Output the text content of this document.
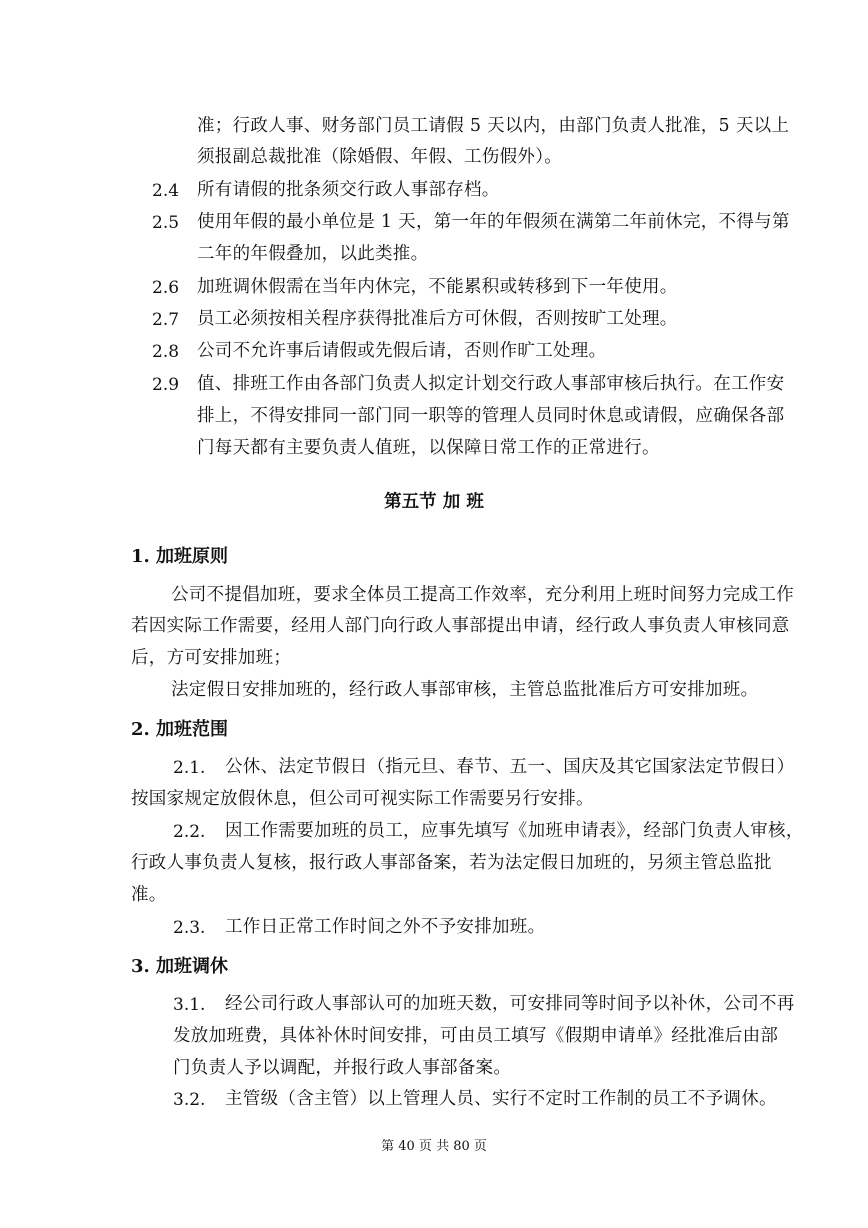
准；行政人事、财务部门员工请假 5 天以内，由部门负责人批准，5 天以上
须报副总裁批准（除婚假、年假、工伤假外）。
2.4 所有请假的批条须交行政人事部存档。
2.5 使用年假的最小单位是 1 天，第一年的年假须在满第二年前休完，不得与第
二年的年假叠加，以此类推。
2.6 加班调休假需在当年内休完，不能累积或转移到下一年使用。
2.7 员工必须按相关程序获得批准后方可休假，否则按旷工处理。
2.8 公司不允许事后请假或先假后请，否则作旷工处理。
2.9 值、排班工作由各部门负责人拟定计划交行政人事部审核后执行。在工作安
排上，不得安排同一部门同一职等的管理人员同时休息或请假，应确保各部
门每天都有主要负责人值班，以保障日常工作的正常进行。
第五节 加 班
1. 加班原则
公司不提倡加班，要求全体员工提高工作效率，充分利用上班时间努力完成工作
若因实际工作需要，经用人部门向行政人事部提出申请，经行政人事负责人审核同意
后，方可安排加班；
法定假日安排加班的，经行政人事部审核，主管总监批准后方可安排加班。
2. 加班范围
2.1. 公休、法定节假日（指元旦、春节、五一、国庆及其它国家法定节假日）
按国家规定放假休息，但公司可视实际工作需要另行安排。
2.2. 因工作需要加班的员工，应事先填写《加班申请表》，经部门负责人审核，
行政人事负责人复核，报行政人事部备案，若为法定假日加班的，另须主管总监批
准。
2.3. 工作日正常工作时间之外不予安排加班。
3. 加班调休
3.1. 经公司行政人事部认可的加班天数，可安排同等时间予以补休，公司不再
发放加班费，具体补休时间安排，可由员工填写《假期申请单》经批准后由部
门负责人予以调配，并报行政人事部备案。
3.2. 主管级（含主管）以上管理人员、实行不定时工作制的员工不予调休。
第 40 页 共 80 页
